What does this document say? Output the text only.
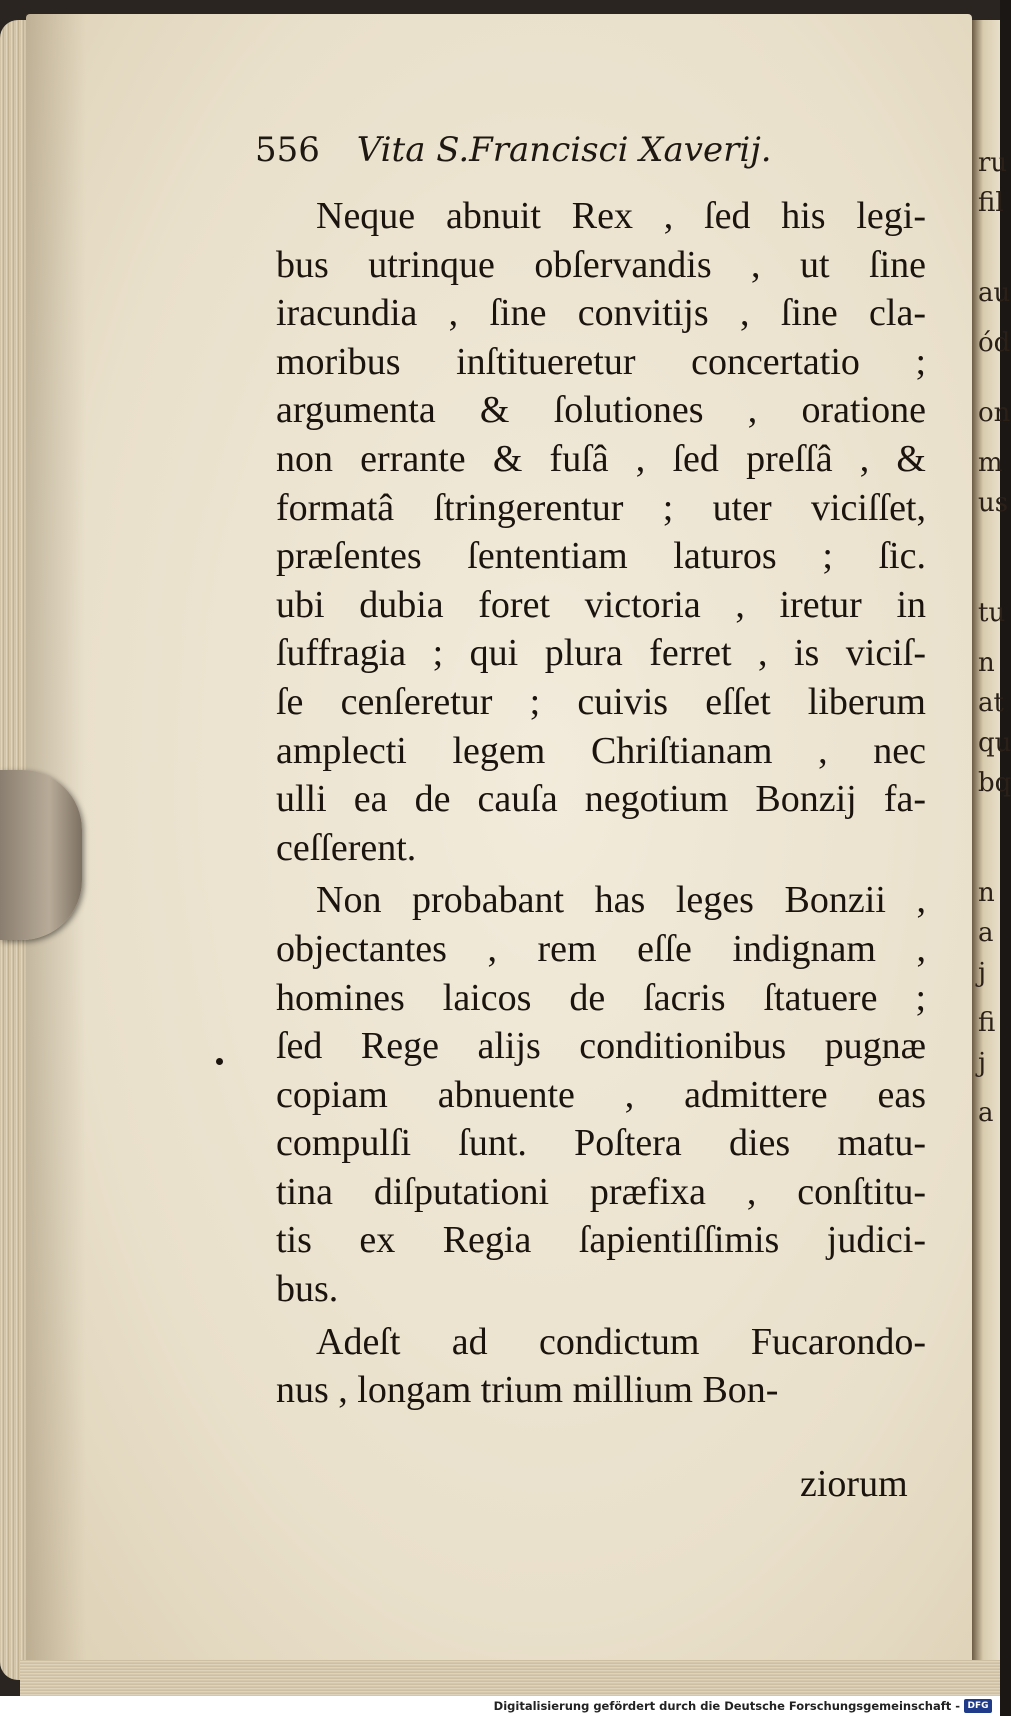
ru
fil
au
ód
on
m
us
tu
n
at
qu
bq
n
a
j
fi
j
a
556 Vita S.Francisci Xaverij.
Neque abnuit Rex , ſed his legi-
bus utrinque obſervandis , ut ſine
iracundia , ſine convitijs , ſine cla-
moribus inſtitueretur concertatio ;
argumenta & ſolutiones , oratione
non errante & fuſâ , ſed preſſâ , &
formatâ ſtringerentur ; uter viciſſet,
præſentes ſententiam laturos ; ſic.
ubi dubia foret victoria , iretur in
ſuffragia ; qui plura ferret , is viciſ-
ſe cenſeretur ; cuivis eſſet liberum
amplecti legem Chriſtianam , nec
ulli ea de cauſa negotium Bonzij fa-
ceſſerent.
Non probabant has leges Bonzii ,
objectantes , rem eſſe indignam ,
homines laicos de ſacris ſtatuere ;
ſed Rege alijs conditionibus pugnæ
copiam abnuente , admittere eas
compulſi ſunt. Poſtera dies matu-
tina diſputationi præfixa , conſtitu-
tis ex Regia ſapientiſſimis judici-
bus.
Adeſt ad condictum Fucarondo-
nus , longam trium millium Bon-
ziorum
Digitalisierung gefördert durch die Deutsche Forschungsgemeinschaft - DFG
